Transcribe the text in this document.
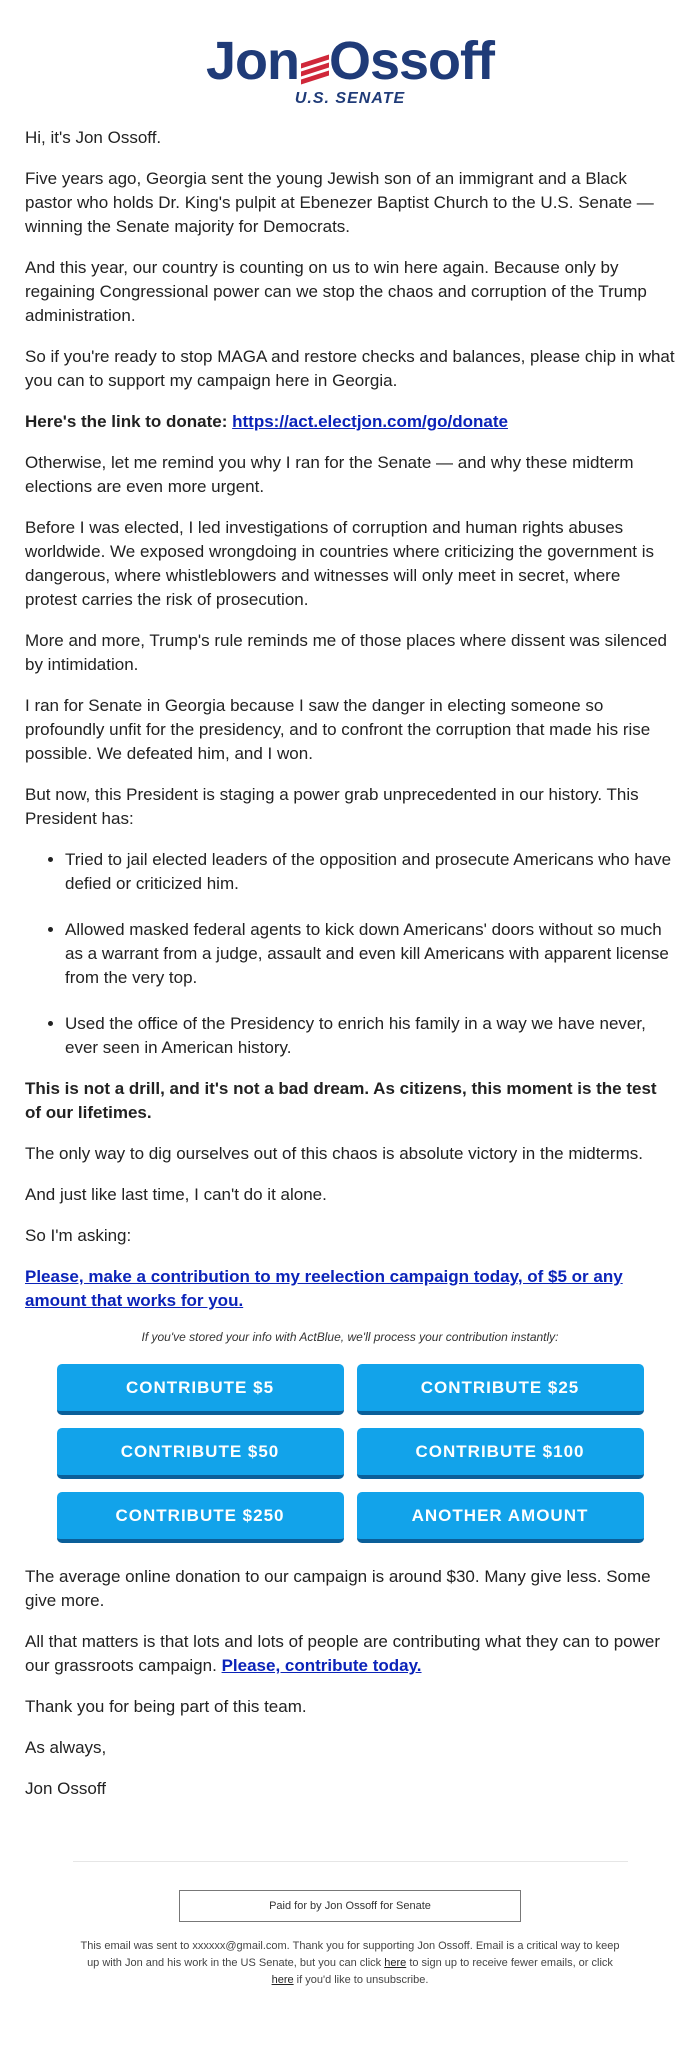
Jon Ossoff
U.S. SENATE

Hi, it's Jon Ossoff.

Five years ago, Georgia sent the young Jewish son of an immigrant and a Black pastor who holds Dr. King's pulpit at Ebenezer Baptist Church to the U.S. Senate — winning the Senate majority for Democrats.

And this year, our country is counting on us to win here again. Because only by regaining Congressional power can we stop the chaos and corruption of the Trump administration.

So if you're ready to stop MAGA and restore checks and balances, please chip in what you can to support my campaign here in Georgia.

Here's the link to donate: https://act.electjon.com/go/donate

Otherwise, let me remind you why I ran for the Senate — and why these midterm elections are even more urgent.

Before I was elected, I led investigations of corruption and human rights abuses worldwide. We exposed wrongdoing in countries where criticizing the government is dangerous, where whistleblowers and witnesses will only meet in secret, where protest carries the risk of prosecution.

More and more, Trump's rule reminds me of those places where dissent was silenced by intimidation.

I ran for Senate in Georgia because I saw the danger in electing someone so profoundly unfit for the presidency, and to confront the corruption that made his rise possible. We defeated him, and I won.

But now, this President is staging a power grab unprecedented in our history. This President has:

• Tried to jail elected leaders of the opposition and prosecute Americans who have defied or criticized him.
• Allowed masked federal agents to kick down Americans' doors without so much as a warrant from a judge, assault and even kill Americans with apparent license from the very top.
• Used the office of the Presidency to enrich his family in a way we have never, ever seen in American history.

This is not a drill, and it's not a bad dream. As citizens, this moment is the test of our lifetimes.

The only way to dig ourselves out of this chaos is absolute victory in the midterms.

And just like last time, I can't do it alone.

So I'm asking:

Please, make a contribution to my reelection campaign today, of $5 or any amount that works for you.

If you've stored your info with ActBlue, we'll process your contribution instantly:
CONTRIBUTE $5	CONTRIBUTE $25
CONTRIBUTE $50	CONTRIBUTE $100
CONTRIBUTE $250	ANOTHER AMOUNT

The average online donation to our campaign is around $30. Many give less. Some give more.

All that matters is that lots and lots of people are contributing what they can to power our grassroots campaign. Please, contribute today.

Thank you for being part of this team.

As always,

Jon Ossoff

Paid for by Jon Ossoff for Senate
This email was sent to xxxxxx@gmail.com. Thank you for supporting Jon Ossoff. Email is a critical way to keep up with Jon and his work in the US Senate, but you can click here to sign up to receive fewer emails, or click here if you'd like to unsubscribe.
